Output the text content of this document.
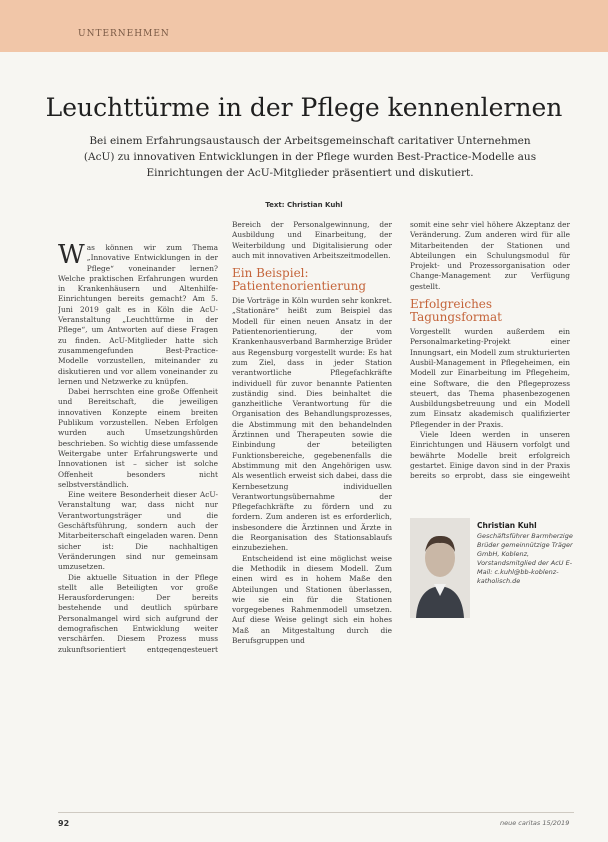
UNTERNEHMEN
Leuchttürme in der Pflege kennenlernen
Bei einem Erfahrungsaustausch der Arbeitsgemeinschaft caritativer Unternehmen (AcU) zu innovativen Entwicklungen in der Pflege wurden Best-Practice-Modelle aus Einrichtungen der AcU-Mitglieder präsentiert und diskutiert.
Text: Christian Kuhl

Was können wir zum Thema „Innovative Entwicklungen in der Pflege“ voneinander lernen? Welche praktischen Erfahrungen wurden in Krankenhäusern und Altenhilfe-Einrichtungen bereits gemacht? Am 5. Juni 2019 galt es in Köln die AcU-Veranstaltung „Leuchttürme in der Pflege“, um Antworten auf diese Fragen zu finden. AcU-Mitglieder hatte sich zusammengefunden Best-Practice-Modelle vorzustellen, miteinander zu diskutieren und vor allem voneinander zu lernen und Netzwerke zu knüpfen.

Dabei herrschten eine große Offenheit und Bereitschaft, die jeweiligen innovativen Konzepte einem breiten Publikum vorzustellen. Neben Erfolgen wurden auch Umsetzungshürden beschrieben. So wichtig diese umfassende Weitergabe unter Erfahrungswerte und Innovationen ist – sicher ist solche Offenheit besonders nicht selbstverständlich.

Eine weitere Besonderheit dieser AcU-Veranstaltung war, dass nicht nur Verantwortungsträger und die Geschäftsführung, sondern auch der Mitarbeiterschaft eingeladen waren. Denn sicher ist: Die nachhaltigen Veränderungen sind nur gemeinsam umzusetzen.

Die aktuelle Situation in der Pflege stellt alle Beteiligten vor große Herausforderungen: Der bereits bestehende und deutlich spürbare Personalmangel wird sich aufgrund der demografischen Entwicklung weiter verschärfen. Diesem Prozess muss zukunftsorientiert entgegengesteuert

Bereich der Personalgewinnung, der Ausbildung und Einarbeitung, der Weiterbildung und Digitalisierung oder auch mit innovativen Arbeitszeitmodellen.

Ein Beispiel: Patientenorientierung

Die Vorträge in Köln wurden sehr konkret. „Stationäre“ heißt zum Beispiel das Modell für einen neuen Ansatz in der Patientenorientierung, der vom Krankenhausverband Barmherzige Brüder aus Regensburg vorgestellt wurde: Es hat zum Ziel, dass in jeder Station verantwortliche Pflegefachkräfte individuell für zuvor benannte Patienten zuständig sind. Dies beinhaltet die ganzheitliche Verantwortung für die Organisation des Behandlungsprozesses, die Abstimmung mit den behandelnden Ärztinnen und Therapeuten sowie die Einbindung der beteiligten Funktionsbereiche, gegebenenfalls die Abstimmung mit den Angehörigen usw. Als wesentlich erweist sich dabei, dass die Kernbesetzung individuellen Verantwortungsübernahme der Pflegefachkräfte zu fördern und zu fordern. Zum anderen ist es erforderlich, insbesondere die Ärztinnen und Ärzte in die Reorganisation des Stationsablaufs einzubeziehen.

Entscheidend ist eine möglichst weise die Methodik in diesem Modell. Zum einen wird es in hohem Maße den Abteilungen und Stationen überlassen, wie sie ein für die Stationen vorgegebenes Rahmenmodell umsetzen. Auf diese Weise gelingt sich ein hohes Maß an Mitgestaltung durch die Berufsgruppen und

somit eine sehr viel höhere Akzeptanz der Veränderung. Zum anderen wird für alle Mitarbeitenden der Stationen und Abteilungen ein Schulungsmodul für Projekt- und Prozessorganisation oder Change-Management zur Verfügung gestellt.

Erfolgreiches Tagungsformat

Vorgestellt wurden außerdem ein Personalmarketing-Projekt einer Innungsart, ein Modell zum strukturierten Ausbil-Management in Pflegeheimen, ein Modell zur Einarbeitung im Pflegeheim, eine Software, die den Pflegeprozess steuert, das Thema phasenbezogenen Ausbildungsbetreuung und ein Modell zum Einsatz akademisch qualifizierter Pflegender in der Praxis.

Viele Ideen werden in unseren Einrichtungen und Häusern vorfolgt und bewährte Modelle breit erfolgreich gestartet. Einige davon sind in der Praxis bereits so erprobt, dass sie eingeweiht

Christian Kuhl
Geschäftsführer Barmherzige Brüder gemeinnützige Träger GmbH, Koblenz, Vorstandsmitglied der AcU E-Mail: c.kuhl@bb-koblenz-katholisch.de
92	neue caritas 15/2019
